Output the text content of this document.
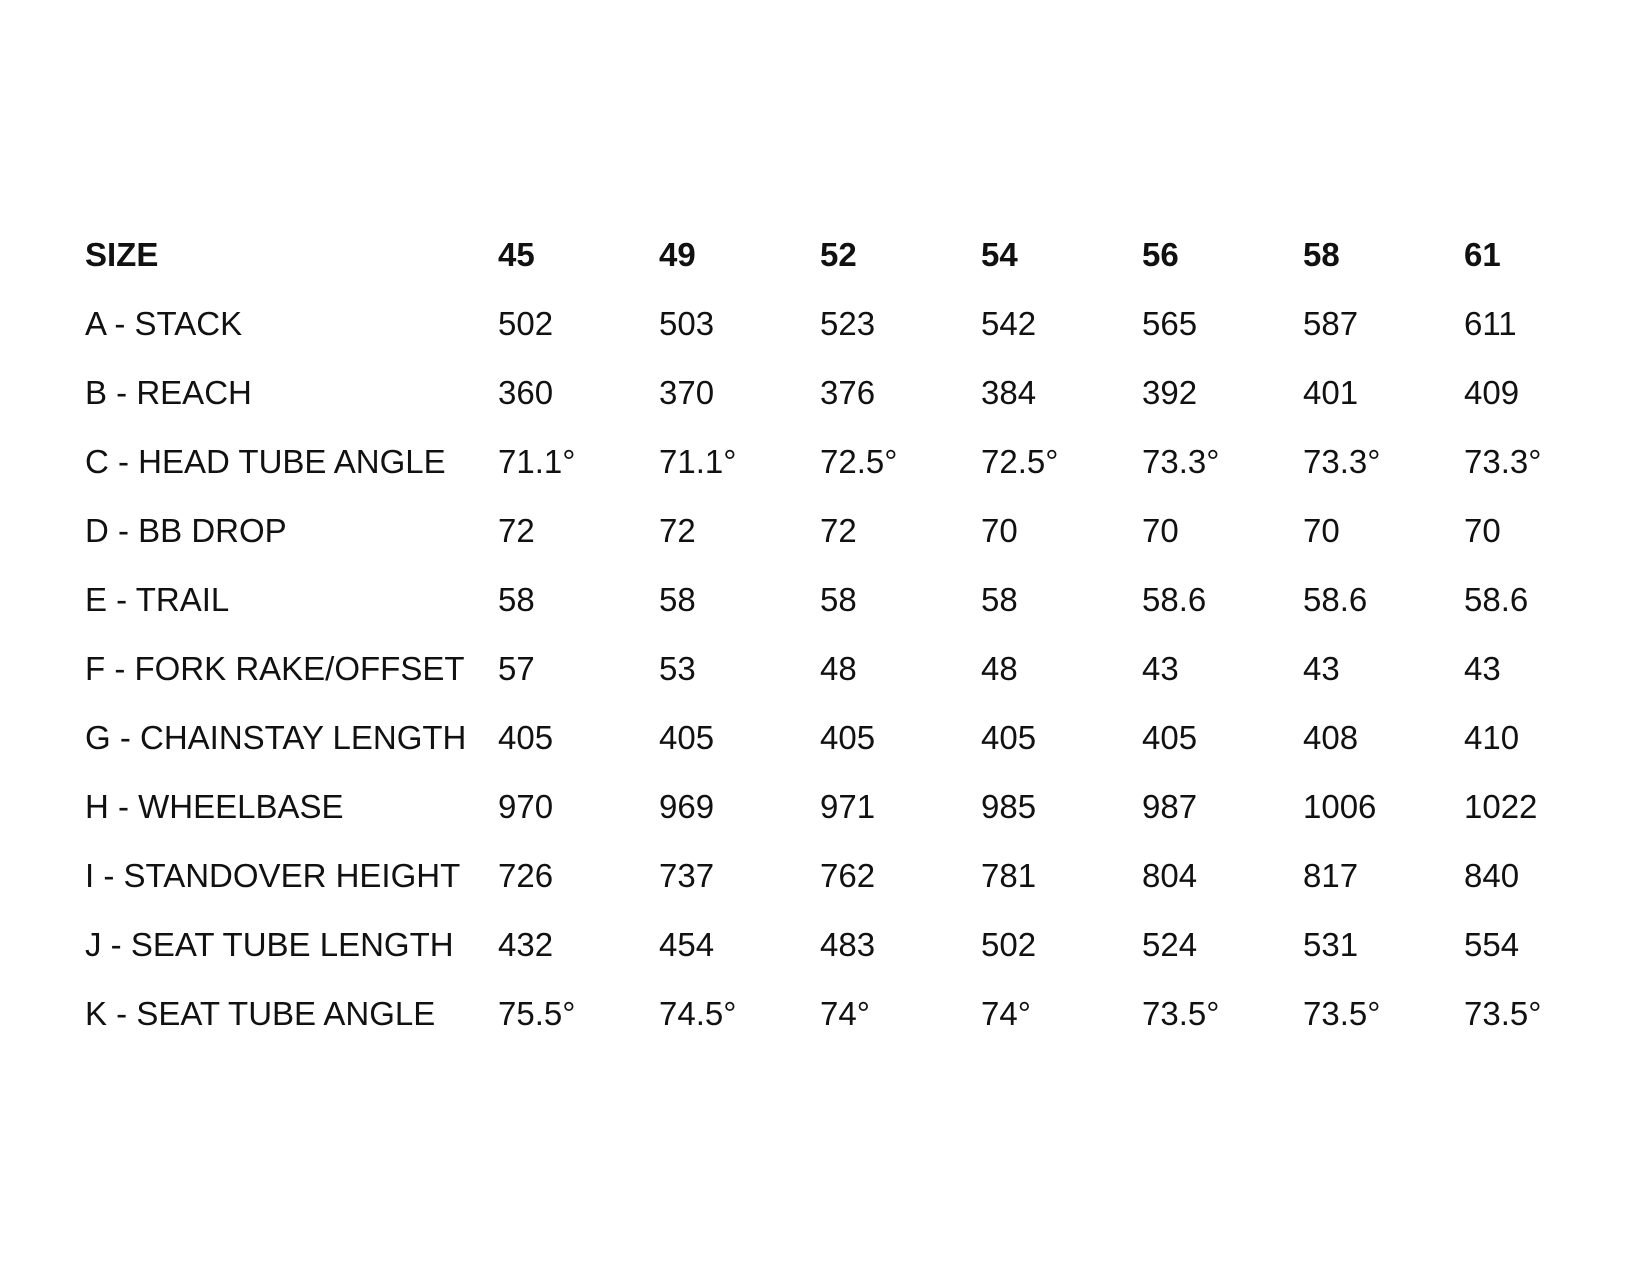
SIZE	45	49	52	54	56	58	61
A - STACK	502	503	523	542	565	587	611
B - REACH	360	370	376	384	392	401	409
C - HEAD TUBE ANGLE	71.1°	71.1°	72.5°	72.5°	73.3°	73.3°	73.3°
D - BB DROP	72	72	72	70	70	70	70
E - TRAIL	58	58	58	58	58.6	58.6	58.6
F - FORK RAKE/OFFSET	57	53	48	48	43	43	43
G - CHAINSTAY LENGTH	405	405	405	405	405	408	410
H - WHEELBASE	970	969	971	985	987	1006	1022
I - STANDOVER HEIGHT	726	737	762	781	804	817	840
J - SEAT TUBE LENGTH	432	454	483	502	524	531	554
K - SEAT TUBE ANGLE	75.5°	74.5°	74°	74°	73.5°	73.5°	73.5°
